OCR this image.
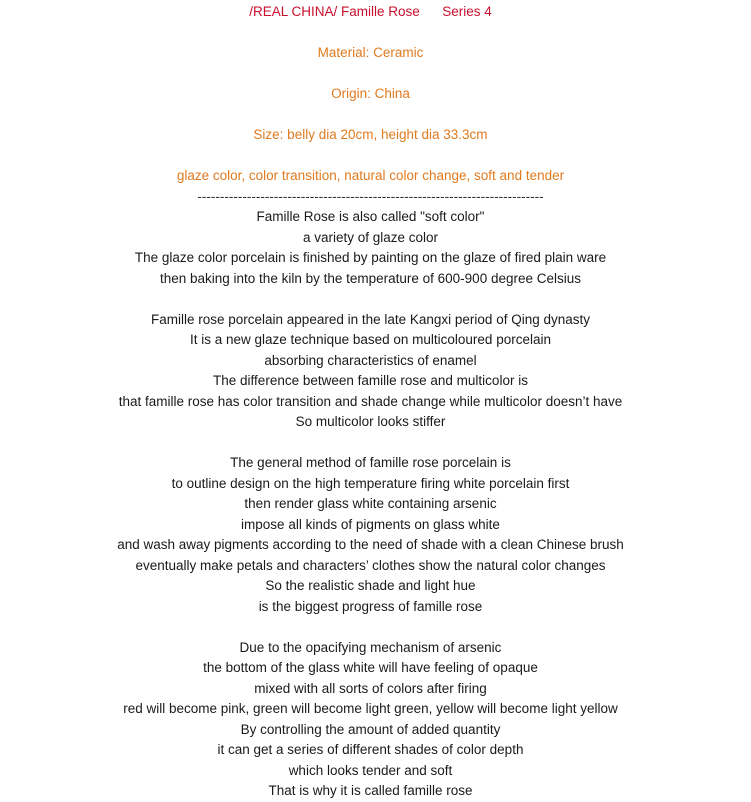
/REAL CHINA/ Famille Rose      Series 4
Material: Ceramic
Origin: China
Size: belly dia 20cm, height dia 33.3cm
glaze color, color transition, natural color change, soft and tender
-----------------------------------------------------------------------------
Famille Rose is also called "soft color"
a variety of glaze color
The glaze color porcelain is finished by painting on the glaze of fired plain ware
then baking into the kiln by the temperature of 600-900 degree Celsius
Famille rose porcelain appeared in the late Kangxi period of Qing dynasty
It is a new glaze technique based on multicoloured porcelain
absorbing characteristics of enamel
The difference between famille rose and multicolor is
that famille rose has color transition and shade change while multicolor doesn’t have
So multicolor looks stiffer
The general method of famille rose porcelain is
to outline design on the high temperature firing white porcelain first
then render glass white containing arsenic
impose all kinds of pigments on glass white
and wash away pigments according to the need of shade with a clean Chinese brush
eventually make petals and characters’ clothes show the natural color changes
So the realistic shade and light hue
is the biggest progress of famille rose
Due to the opacifying mechanism of arsenic
the bottom of the glass white will have feeling of opaque
mixed with all sorts of colors after firing
red will become pink, green will become light green, yellow will become light yellow
By controlling the amount of added quantity
it can get a series of different shades of color depth
which looks tender and soft
That is why it is called famille rose
